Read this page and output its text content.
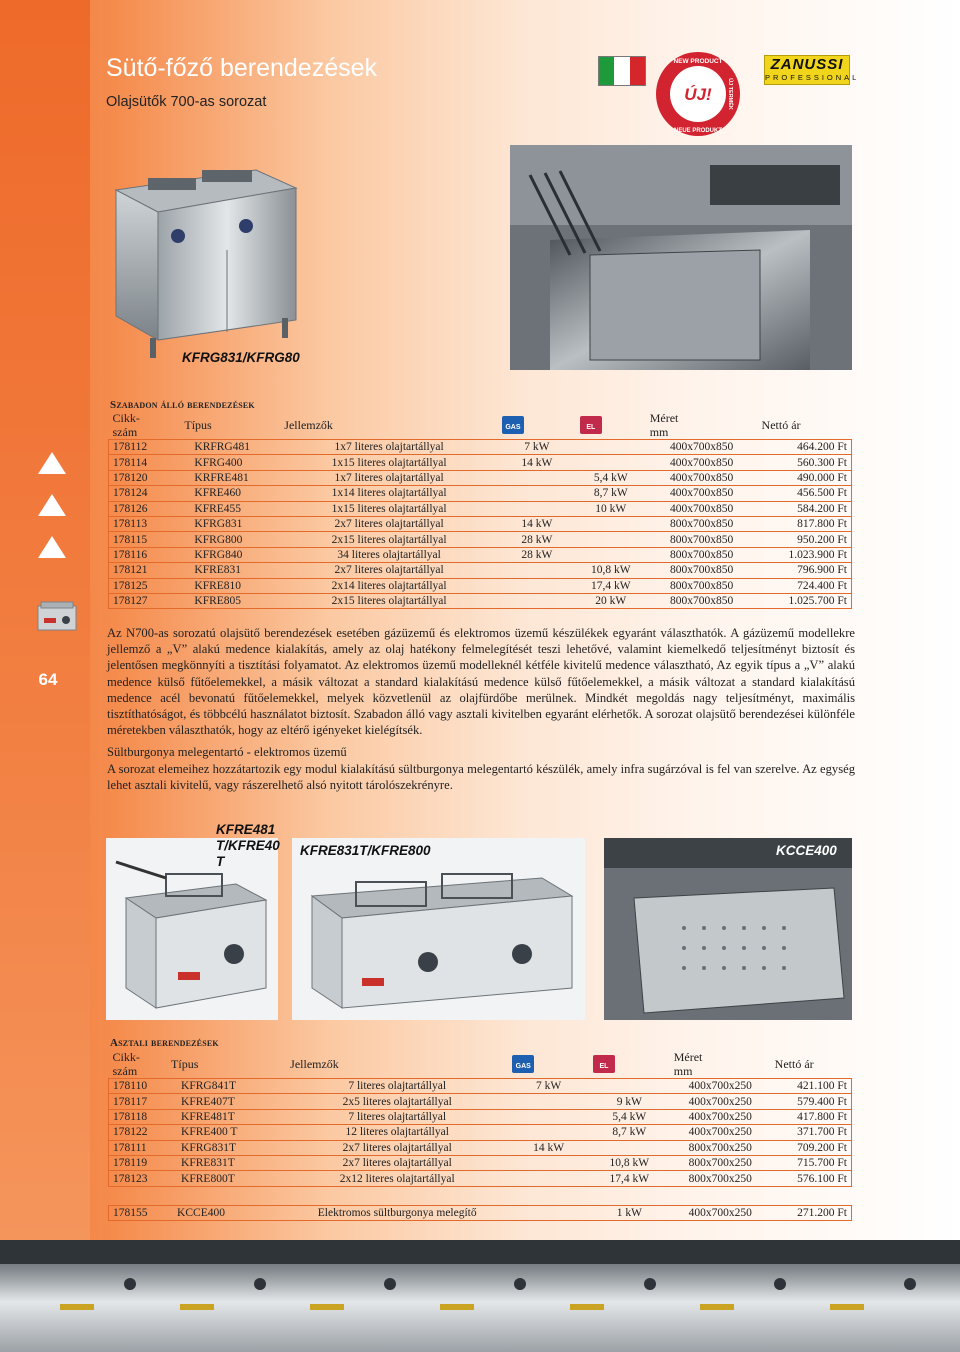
64
Sütő-főző berendezések
Olajsütők 700-as sorozat	ÚJ!
NEW PRODUCT
ÚJ TERMÉK
NEUE PRODUKT
ZANUSSI
PROFESSIONAL
KFRG831/KFRG80
Szabadon álló berendezések
Cikk-
szám	Típus	Jellemzők	GAS	EL	Méret
mm	Nettó ár
178112	KRFRG481	1x7 literes olajtartállyal	7 kW		400x700x850	464.200 Ft
178114	KFRG400	1x15 literes olajtartállyal	14 kW		400x700x850	560.300 Ft
178120	KRFRE481	1x7 literes olajtartállyal		5,4 kW	400x700x850	490.000 Ft
178124	KFRE460	1x14 literes olajtartállyal		8,7 kW	400x700x850	456.500 Ft
178126	KFRE455	1x15 literes olajtartállyal		10 kW	400x700x850	584.200 Ft
178113	KFRG831	2x7 literes olajtartállyal	14 kW		800x700x850	817.800 Ft
178115	KFRG800	2x15 literes olajtartállyal	28 kW		800x700x850	950.200 Ft
178116	KFRG840	34 literes olajtartállyal	28 kW		800x700x850	1.023.900 Ft
178121	KFRE831	2x7 literes olajtartállyal		10,8 kW	800x700x850	796.900 Ft
178125	KFRE810	2x14 literes olajtartállyal		17,4 kW	800x700x850	724.400 Ft
178127	KFRE805	2x15 literes olajtartállyal		20 kW	800x700x850	1.025.700 Ft
Az N700-as sorozatú olajsütő berendezések esetében gázüzemű és elektromos üzemű készülékek egyaránt választhatók. A gázüzemű modellekre jellemző a „V” alakú medence kialakítás, amely az olaj hatékony felmelegítését teszi lehetővé, valamint kiemelkedő teljesítményt biztosít és jelentősen megkönnyíti a tisztítási folyamatot. Az elektromos üzemű modelleknél kétféle kivitelű medence választható, Az egyik típus a „V” alakú medence külső fűtőelemekkel, a másik változat a standard kialakítású medence külső fűtőelemekkel, a másik változat a standard kialakítású medence acél bevonatú fűtőelemekkel, melyek közvetlenül az olajfürdőbe merülnek. Mindkét megoldás nagy teljesítményt, maximális tisztíthatóságot, és többcélú használatot biztosít. Szabadon álló vagy asztali kivitelben egyaránt elérhetők. A sorozat olajsütő berendezései különféle méretekben választhatók, hogy az eltérő igényeket kielégítsék.
Sültburgonya melegentartó - elektromos üzemű
A sorozat elemeihez hozzátartozik egy modul kialakítású sültburgonya melegentartó készülék, amely infra sugárzóval is fel van szerelve. Az egység lehet asztali kivitelű, vagy rászerelhető alsó nyitott tárolószekrényre.
KFRE481
T/KFRE40
T
KFRE831T/KFRE800	KCCE400
Asztali berendezések
Cikk-
szám	Típus	Jellemzők	GAS	EL	Méret
mm	Nettó ár
178110	KFRG841T	7 literes olajtartállyal	7 kW		400x700x250	421.100 Ft
178117	KFRE407T	2x5 literes olajtartállyal		9 kW	400x700x250	579.400 Ft
178118	KFRE481T	7 literes olajtartállyal		5,4 kW	400x700x250	417.800 Ft
178122	KFRE400 T	12 literes olajtartállyal		8,7 kW	400x700x250	371.700 Ft
178111	KFRG831T	2x7 literes olajtartállyal	14 kW		800x700x250	709.200 Ft
178119	KFRE831T	2x7 literes olajtartállyal		10,8 kW	800x700x250	715.700 Ft
178123	KFRE800T	2x12 literes olajtartállyal		17,4 kW	800x700x250	576.100 Ft
178155	KCCE400	Elektromos sültburgonya melegítő		1 kW	400x700x250	271.200 Ft
